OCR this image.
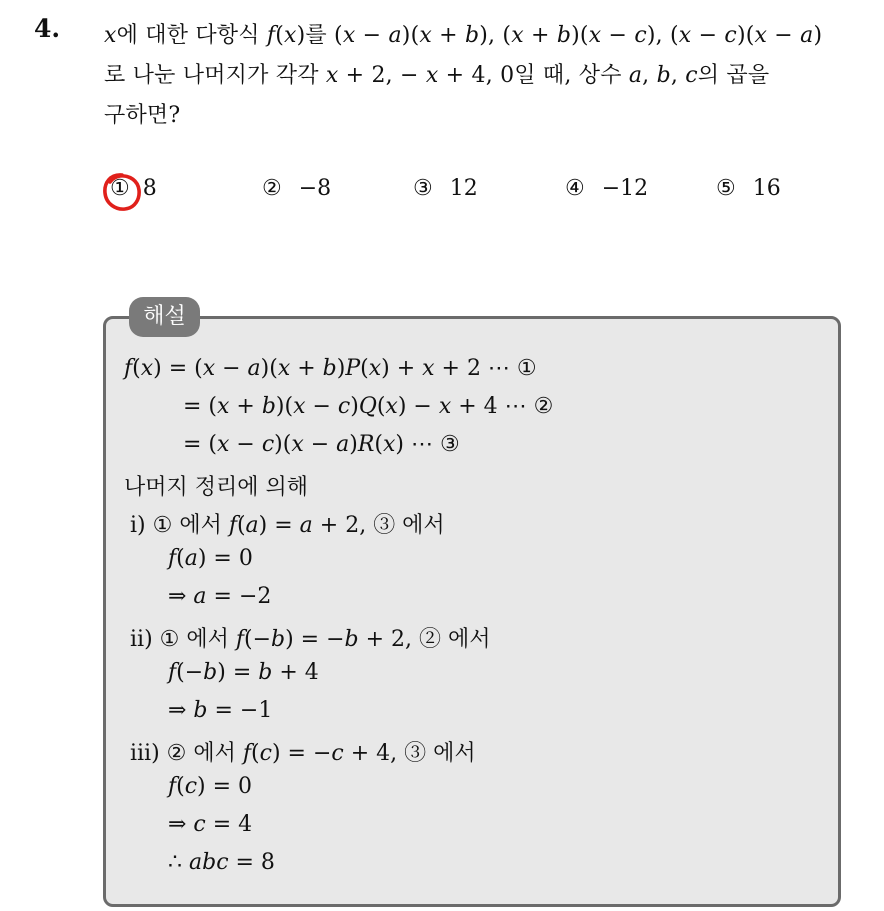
4. 𝑥에 대한 다항식 𝑓(𝑥)를 (𝑥 − 𝑎)(𝑥 + 𝑏), (𝑥 + 𝑏)(𝑥 − 𝑐), (𝑥 − 𝑐)(𝑥 − 𝑎)
로 나눈 나머지가 각각 𝑥 + 2, − 𝑥 + 4, 0일 때, 상수 𝑎, 𝑏, 𝑐의 곱을
구하면?
① 8	② −8	③ 12	④ −12	⑤ 16
해설
𝑓(𝑥) = (𝑥 − 𝑎)(𝑥 + 𝑏)𝑃(𝑥) + 𝑥 + 2 ⋯ ①
= (𝑥 + 𝑏)(𝑥 − 𝑐)𝑄(𝑥) − 𝑥 + 4 ⋯ ②
= (𝑥 − 𝑐)(𝑥 − 𝑎)𝑅(𝑥) ⋯ ③
나머지 정리에 의해
ⅰ) ① 에서 𝑓(𝑎) = 𝑎 + 2, ③ 에서
𝑓(𝑎) = 0
⇒ 𝑎 = −2
ⅱ) ① 에서 𝑓(−𝑏) = −𝑏 + 2, ② 에서
𝑓(−𝑏) = 𝑏 + 4
⇒ 𝑏 = −1
ⅲ) ② 에서 𝑓(𝑐) = −𝑐 + 4, ③ 에서
𝑓(𝑐) = 0
⇒ 𝑐 = 4
∴ 𝑎𝑏𝑐 = 8
